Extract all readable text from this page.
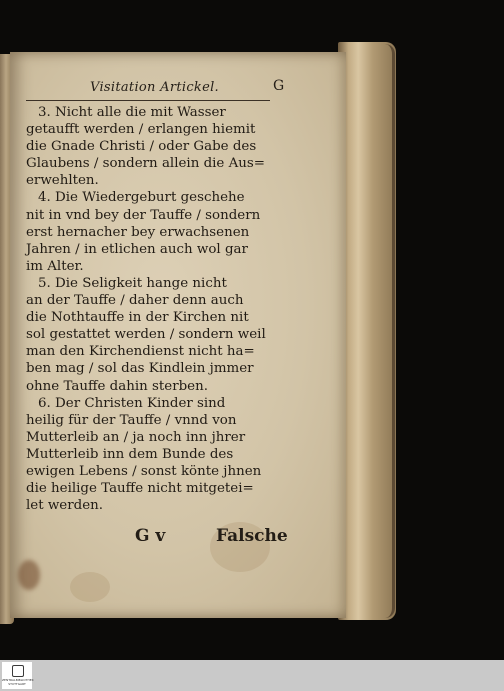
Visitation Artickel.	G
3. Nicht alle die mit Wasser
getaufft werden / erlangen hiemit
die Gnade Christi / oder Gabe des
Glaubens / sondern allein die Aus=
erwehlten.
4. Die Wiedergeburt geschehe
nit in vnd bey der Tauffe / sondern
erst hernacher bey erwachsenen
Jahren / in etlichen auch wol gar
im Alter.
5. Die Seligkeit hange nicht
an der Tauffe / daher denn auch
die Nothtauffe in der Kirchen nit
sol gestattet werden / sondern weil
man den Kirchendienst nicht ha=
ben mag / sol das Kindlein jmmer
ohne Tauffe dahin sterben.
6. Der Christen Kinder sind
heilig für der Tauffe / vnnd von
Mutterleib an / ja noch inn jhrer
Mutterleib inn dem Bunde des
ewigen Lebens / sonst könte jhnen
die heilige Tauffe nicht mitgetei=
let werden.
G v	Falsche
ZENTRALBIBLIOTHEK STUTTGART
